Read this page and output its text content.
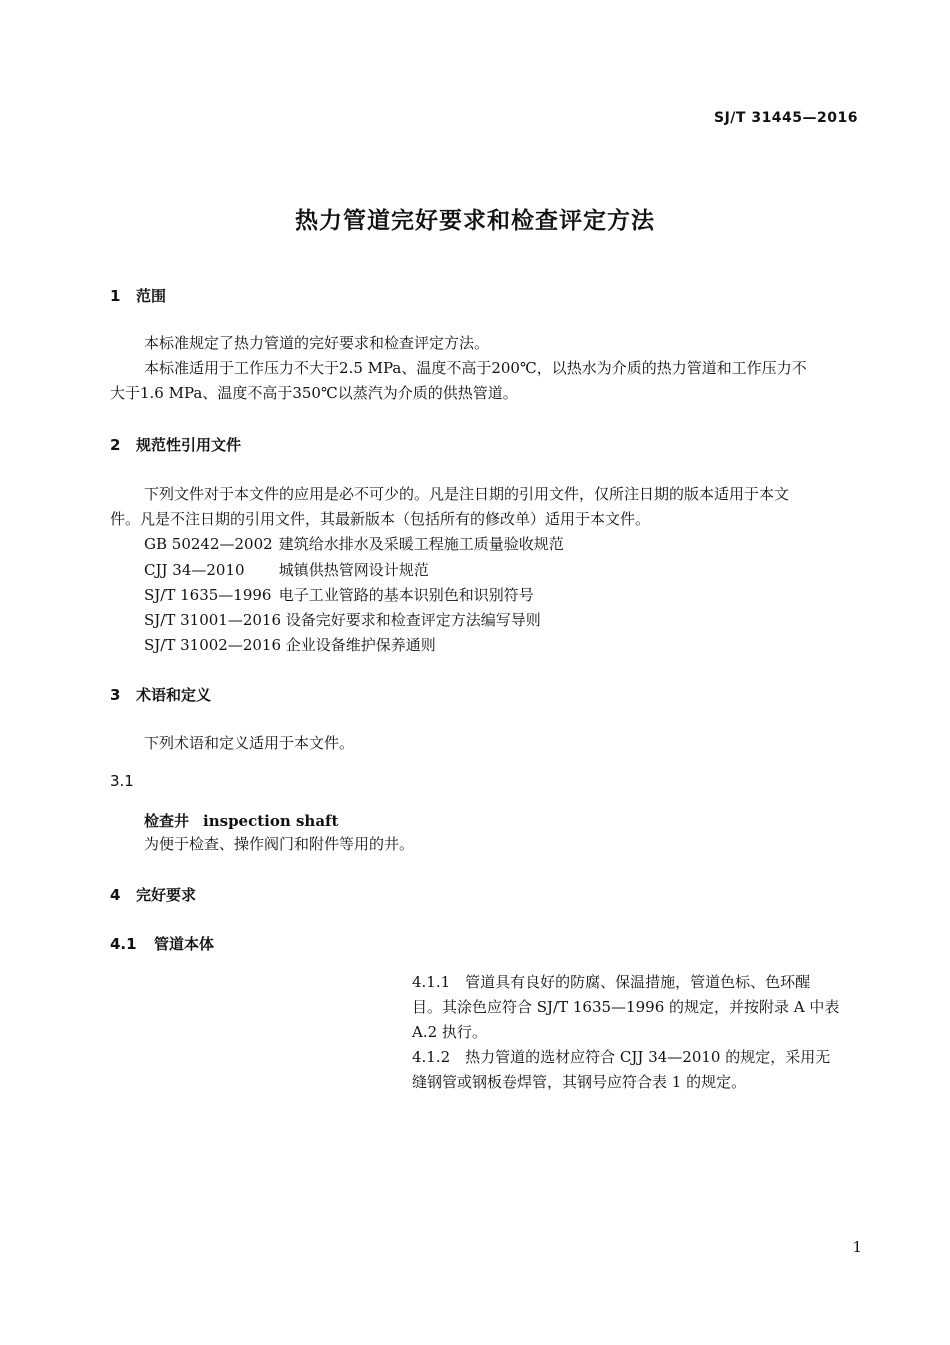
SJ/T 31445—2016
热力管道完好要求和检查评定方法
1 范围
本标准规定了热力管道的完好要求和检查评定方法。
本标准适用于工作压力不大于2.5 MPa、温度不高于200℃，以热水为介质的热力管道和工作压力不
大于1.6 MPa、温度不高于350℃以蒸汽为介质的供热管道。
2 规范性引用文件
下列文件对于本文件的应用是必不可少的。凡是注日期的引用文件，仅所注日期的版本适用于本文
件。凡是不注日期的引用文件，其最新版本（包括所有的修改单）适用于本文件。
GB 50242—2002 建筑给水排水及采暖工程施工质量验收规范
CJJ 34—2010 城镇供热管网设计规范
SJ/T 1635—1996 电子工业管路的基本识别色和识别符号
SJ/T 31001—2016 设备完好要求和检查评定方法编写导则
SJ/T 31002—2016 企业设备维护保养通则
3 术语和定义
下列术语和定义适用于本文件。
3.1
检查井 inspection shaft
为便于检查、操作阀门和附件等用的井。
4 完好要求
4.1 管道本体
4.1.1　管道具有良好的防腐、保温措施，管道色标、色环醒
目。其涂色应符合 SJ/T 1635—1996 的规定，并按附录 A 中表
A.2 执行。
4.1.2　热力管道的选材应符合 CJJ 34—2010 的规定，采用无
缝钢管或钢板卷焊管，其钢号应符合表 1 的规定。
1
